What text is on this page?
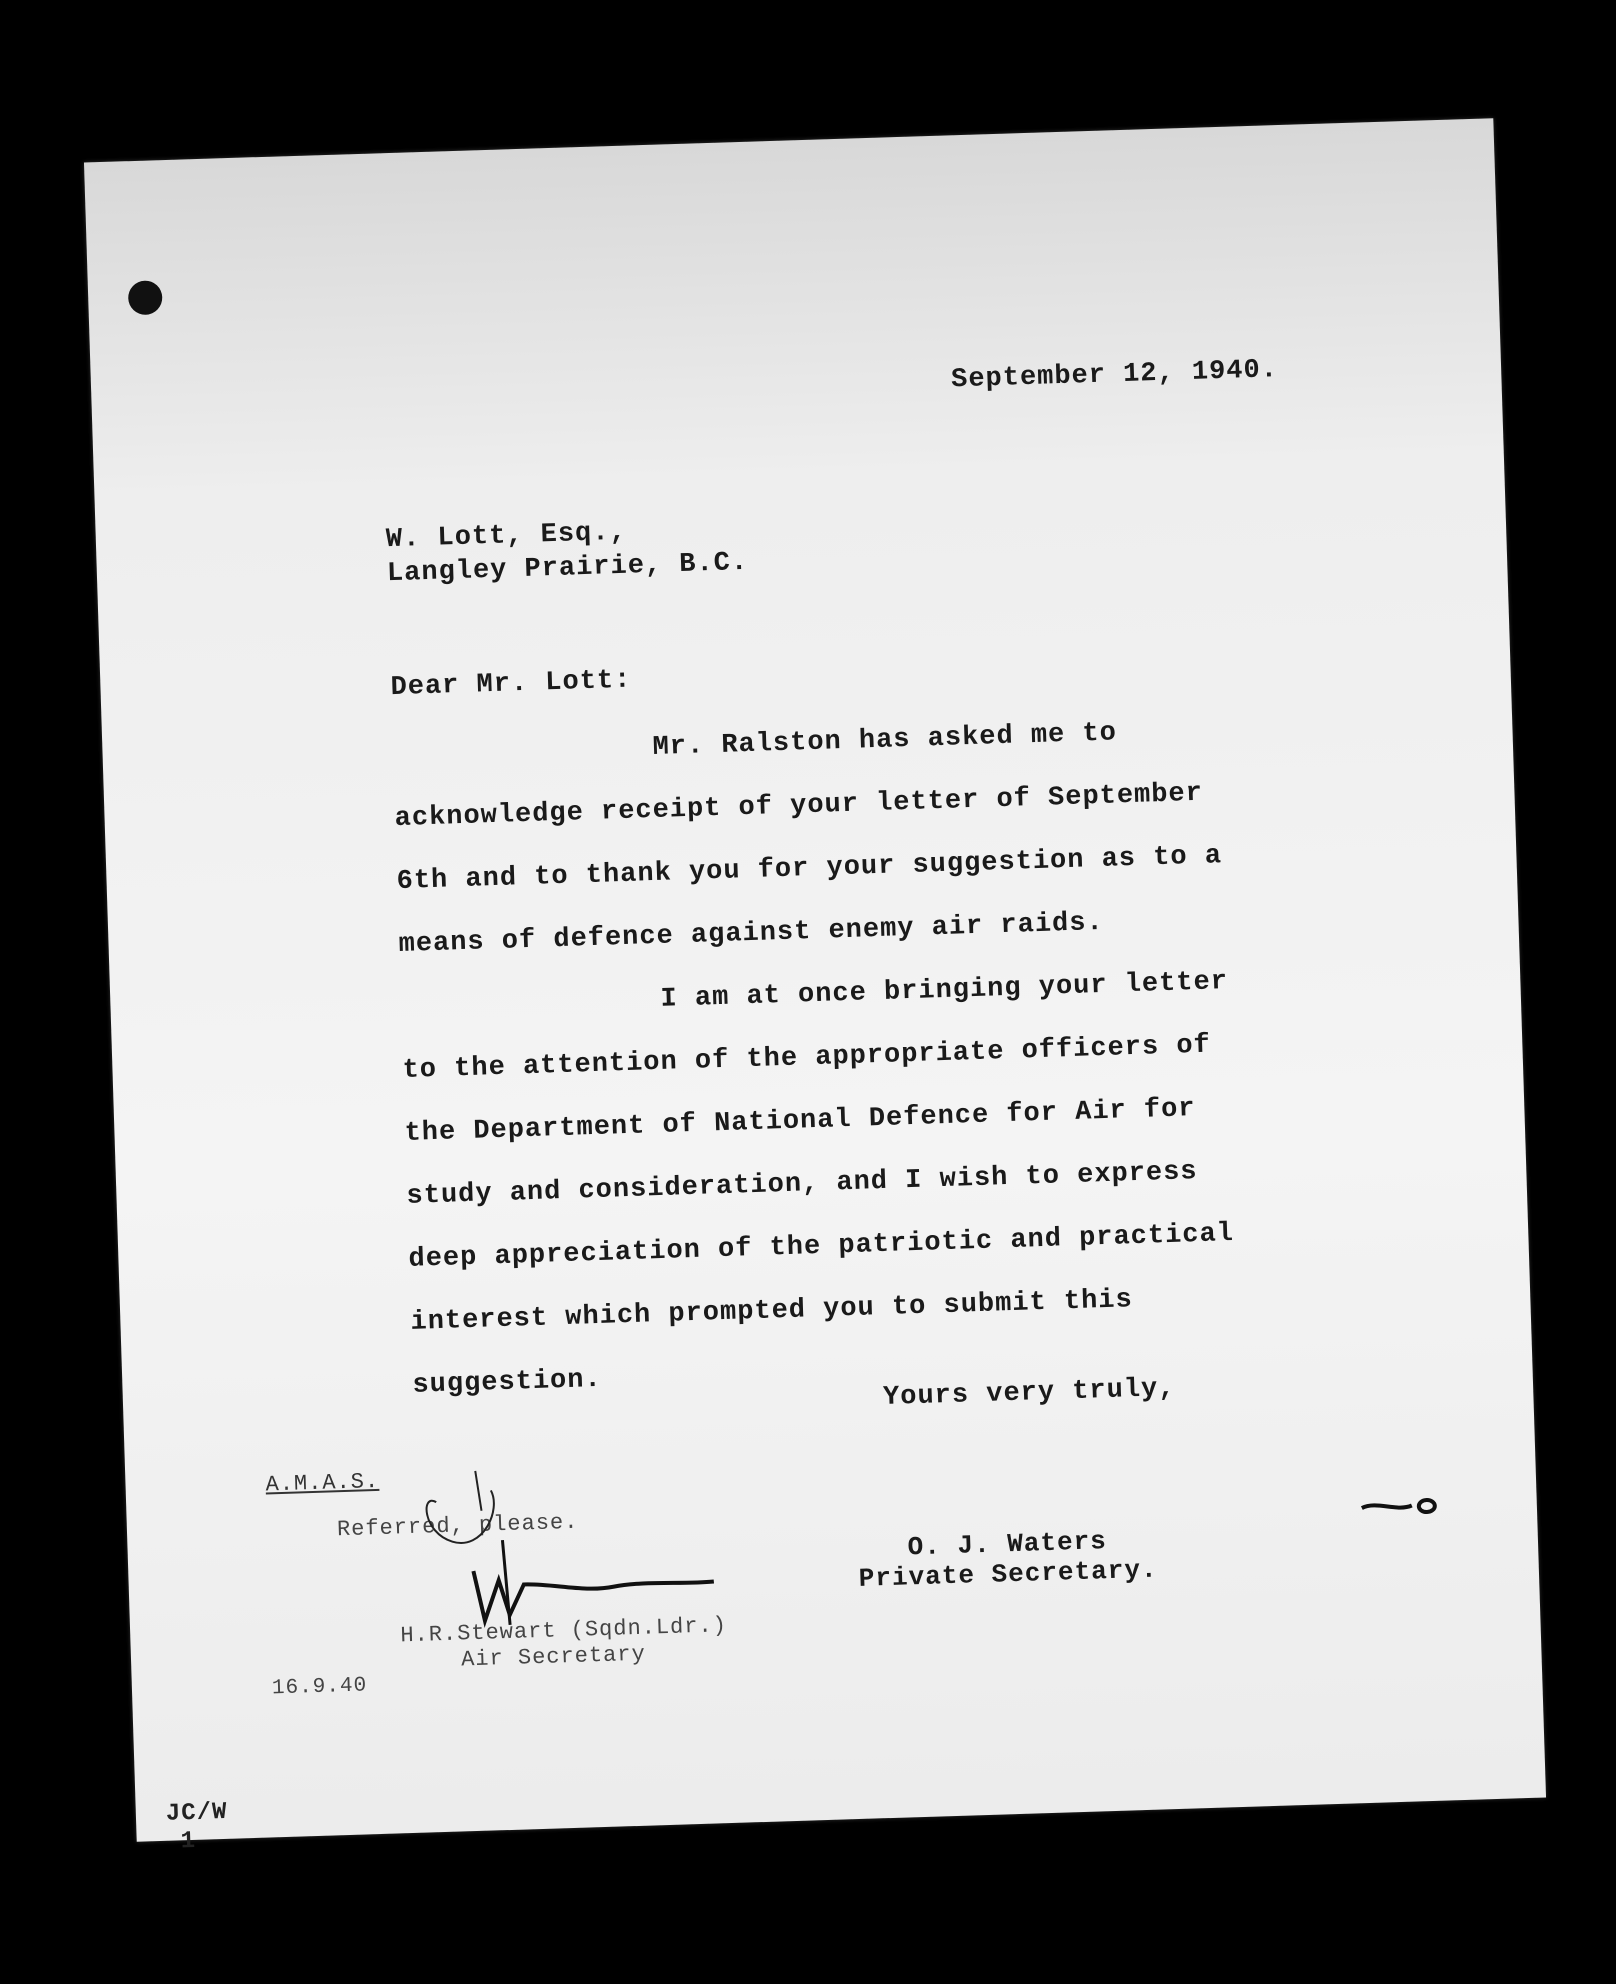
September 12, 1940.
W. Lott, Esq.,
Langley Prairie, B.C.
Dear Mr. Lott:

Mr. Ralston has asked me to acknowledge receipt of your letter of September 6th and to thank you for your suggestion as to a means of defence against enemy air raids.

I am at once bringing your letter to the attention of the appropriate officers of the Department of National Defence for Air for study and consideration, and I wish to express deep appreciation of the patriotic and practical interest which prompted you to submit this suggestion.	Yours very truly,
O. J. Waters
Private Secretary.
A.M.A.S.
Referred, please.
H.R.Stewart (Sqdn.Ldr.)
Air Secretary
16.9.40
JC/W
1
